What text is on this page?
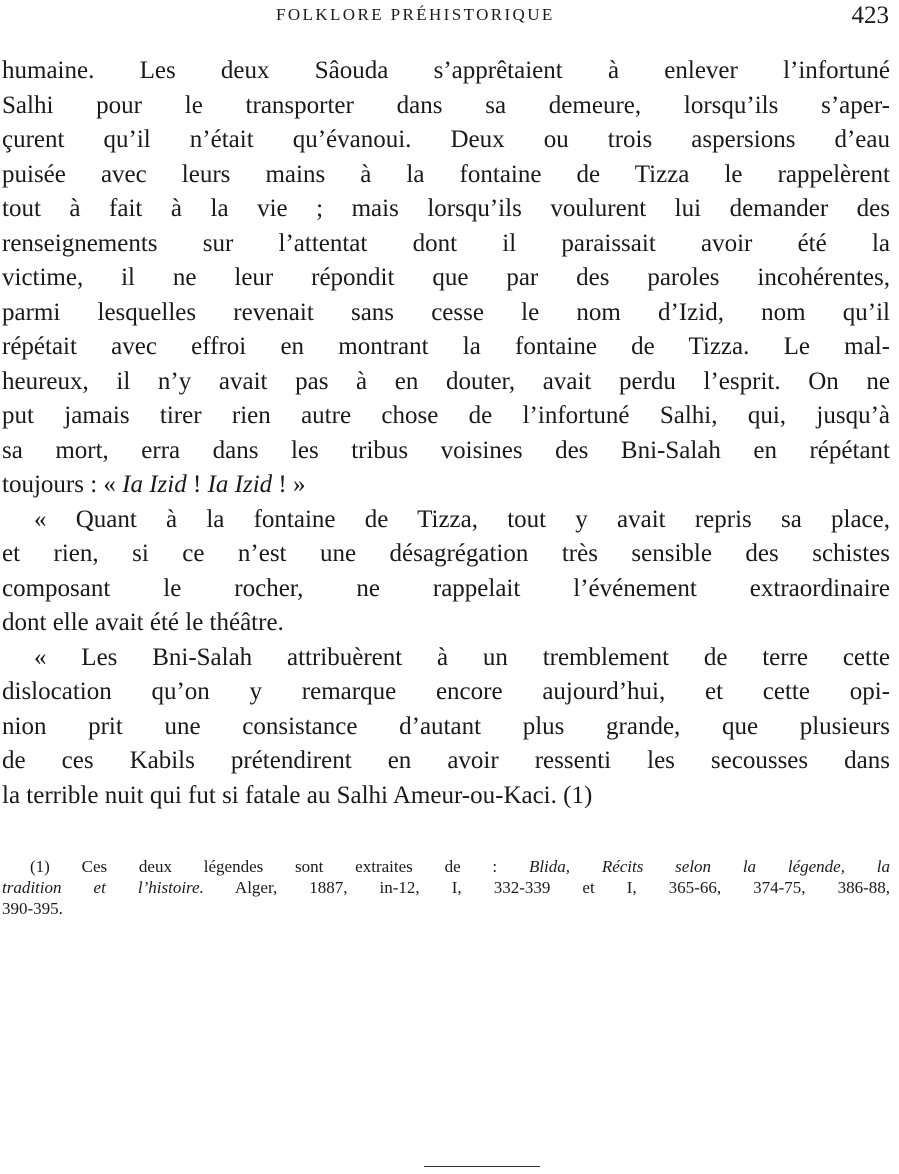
FOLKLORE PRÉHISTORIQUE	423
humaine. Les deux Sâouda s’apprêtaient à enlever l’infortuné
Salhi pour le transporter dans sa demeure, lorsqu’ils s’aper-
çurent qu’il n’était qu’évanoui. Deux ou trois aspersions d’eau
puisée avec leurs mains à la fontaine de Tizza le rappelèrent
tout à fait à la vie ; mais lorsqu’ils voulurent lui demander des
renseignements sur l’attentat dont il paraissait avoir été la
victime, il ne leur répondit que par des paroles incohérentes,
parmi lesquelles revenait sans cesse le nom d’Izid, nom qu’il
répétait avec effroi en montrant la fontaine de Tizza. Le mal-
heureux, il n’y avait pas à en douter, avait perdu l’esprit. On ne
put jamais tirer rien autre chose de l’infortuné Salhi, qui, jusqu’à
sa mort, erra dans les tribus voisines des Bni-Salah en répétant
toujours : « Ia Izid ! Ia Izid ! »
« Quant à la fontaine de Tizza, tout y avait repris sa place,
et rien, si ce n’est une désagrégation très sensible des schistes
composant le rocher, ne rappelait l’événement extraordinaire
dont elle avait été le théâtre.
« Les Bni-Salah attribuèrent à un tremblement de terre cette
dislocation qu’on y remarque encore aujourd’hui, et cette opi-
nion prit une consistance d’autant plus grande, que plusieurs
de ces Kabils prétendirent en avoir ressenti les secousses dans
la terrible nuit qui fut si fatale au Salhi Ameur-ou-Kaci. (1)
(1) Ces deux légendes sont extraites de : Blida, Récits selon la légende, la
tradition et l’histoire. Alger, 1887, in-12, I, 332-339 et I, 365-66, 374-75, 386-88,
390-395.
